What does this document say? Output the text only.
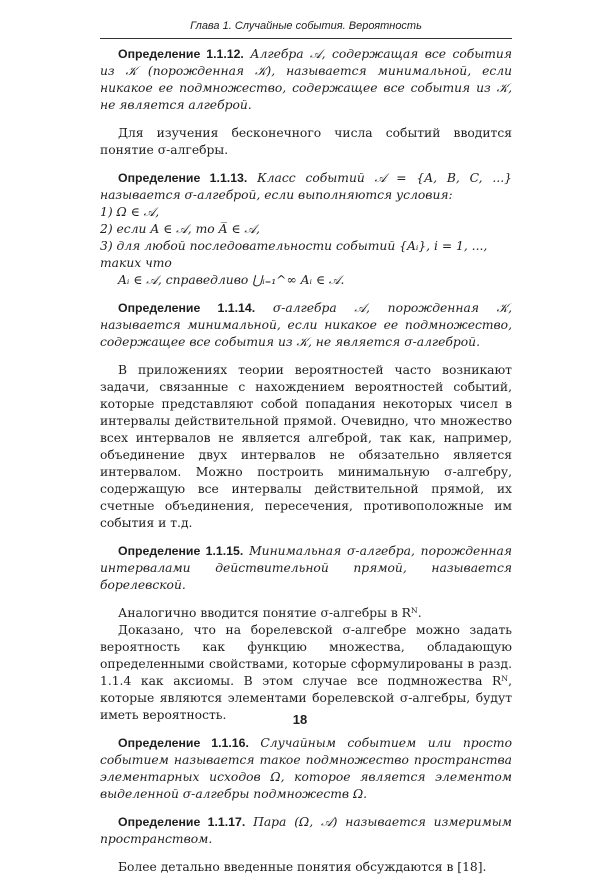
Глава 1. Случайные события. Вероятность

Определение 1.1.12. Алгебра 𝒜, содержащая все события из 𝒦 (порожденная 𝒦), называется минимальной, если никакое ее подмножество, содержащее все события из 𝒦, не является алгеброй.

Для изучения бесконечного числа событий вводится понятие σ-алгебры.

Определение 1.1.13. Класс событий 𝒜 = {A, B, C, ...} называется σ-алгеброй, если выполняются условия:

1) Ω ∈ 𝒜,

2) если A ∈ 𝒜, то A̅ ∈ 𝒜,

3) для любой последовательности событий {Aᵢ}, i = 1, ..., таких что

Aᵢ ∈ 𝒜, справедливо ⋃ᵢ₌₁^∞ Aᵢ ∈ 𝒜.

Определение 1.1.14. σ-алгебра 𝒜, порожденная 𝒦, называется минимальной, если никакое ее подмножество, содержащее все события из 𝒦, не является σ-алгеброй.

В приложениях теории вероятностей часто возникают задачи, связанные с нахождением вероятностей событий, которые представляют собой попадания некоторых чисел в интервалы действительной прямой. Очевидно, что множество всех интервалов не является алгеброй, так как, например, объединение двух интервалов не обязательно является интервалом. Можно построить минимальную σ-алгебру, содержащую все интервалы действительной прямой, их счетные объединения, пересечения, противоположные им события и т.д.

Определение 1.1.15. Минимальная σ-алгебра, порожденная интервалами действительной прямой, называется борелевской.

Аналогично вводится понятие σ-алгебры в Rᴺ.

Доказано, что на борелевской σ-алгебре можно задать вероятность как функцию множества, обладающую определенными свойствами, которые сформулированы в разд. 1.1.4 как аксиомы. В этом случае все подмножества Rᴺ, которые являются элементами борелевской σ-алгебры, будут иметь вероятность.

Определение 1.1.16. Случайным событием или просто событием называется такое подмножество пространства элементарных исходов Ω, которое является элементом выделенной σ-алгебры подмножеств Ω.

Определение 1.1.17. Пара (Ω, 𝒜) называется измеримым пространством.

Более детально введенные понятия обсуждаются в [18].

18
